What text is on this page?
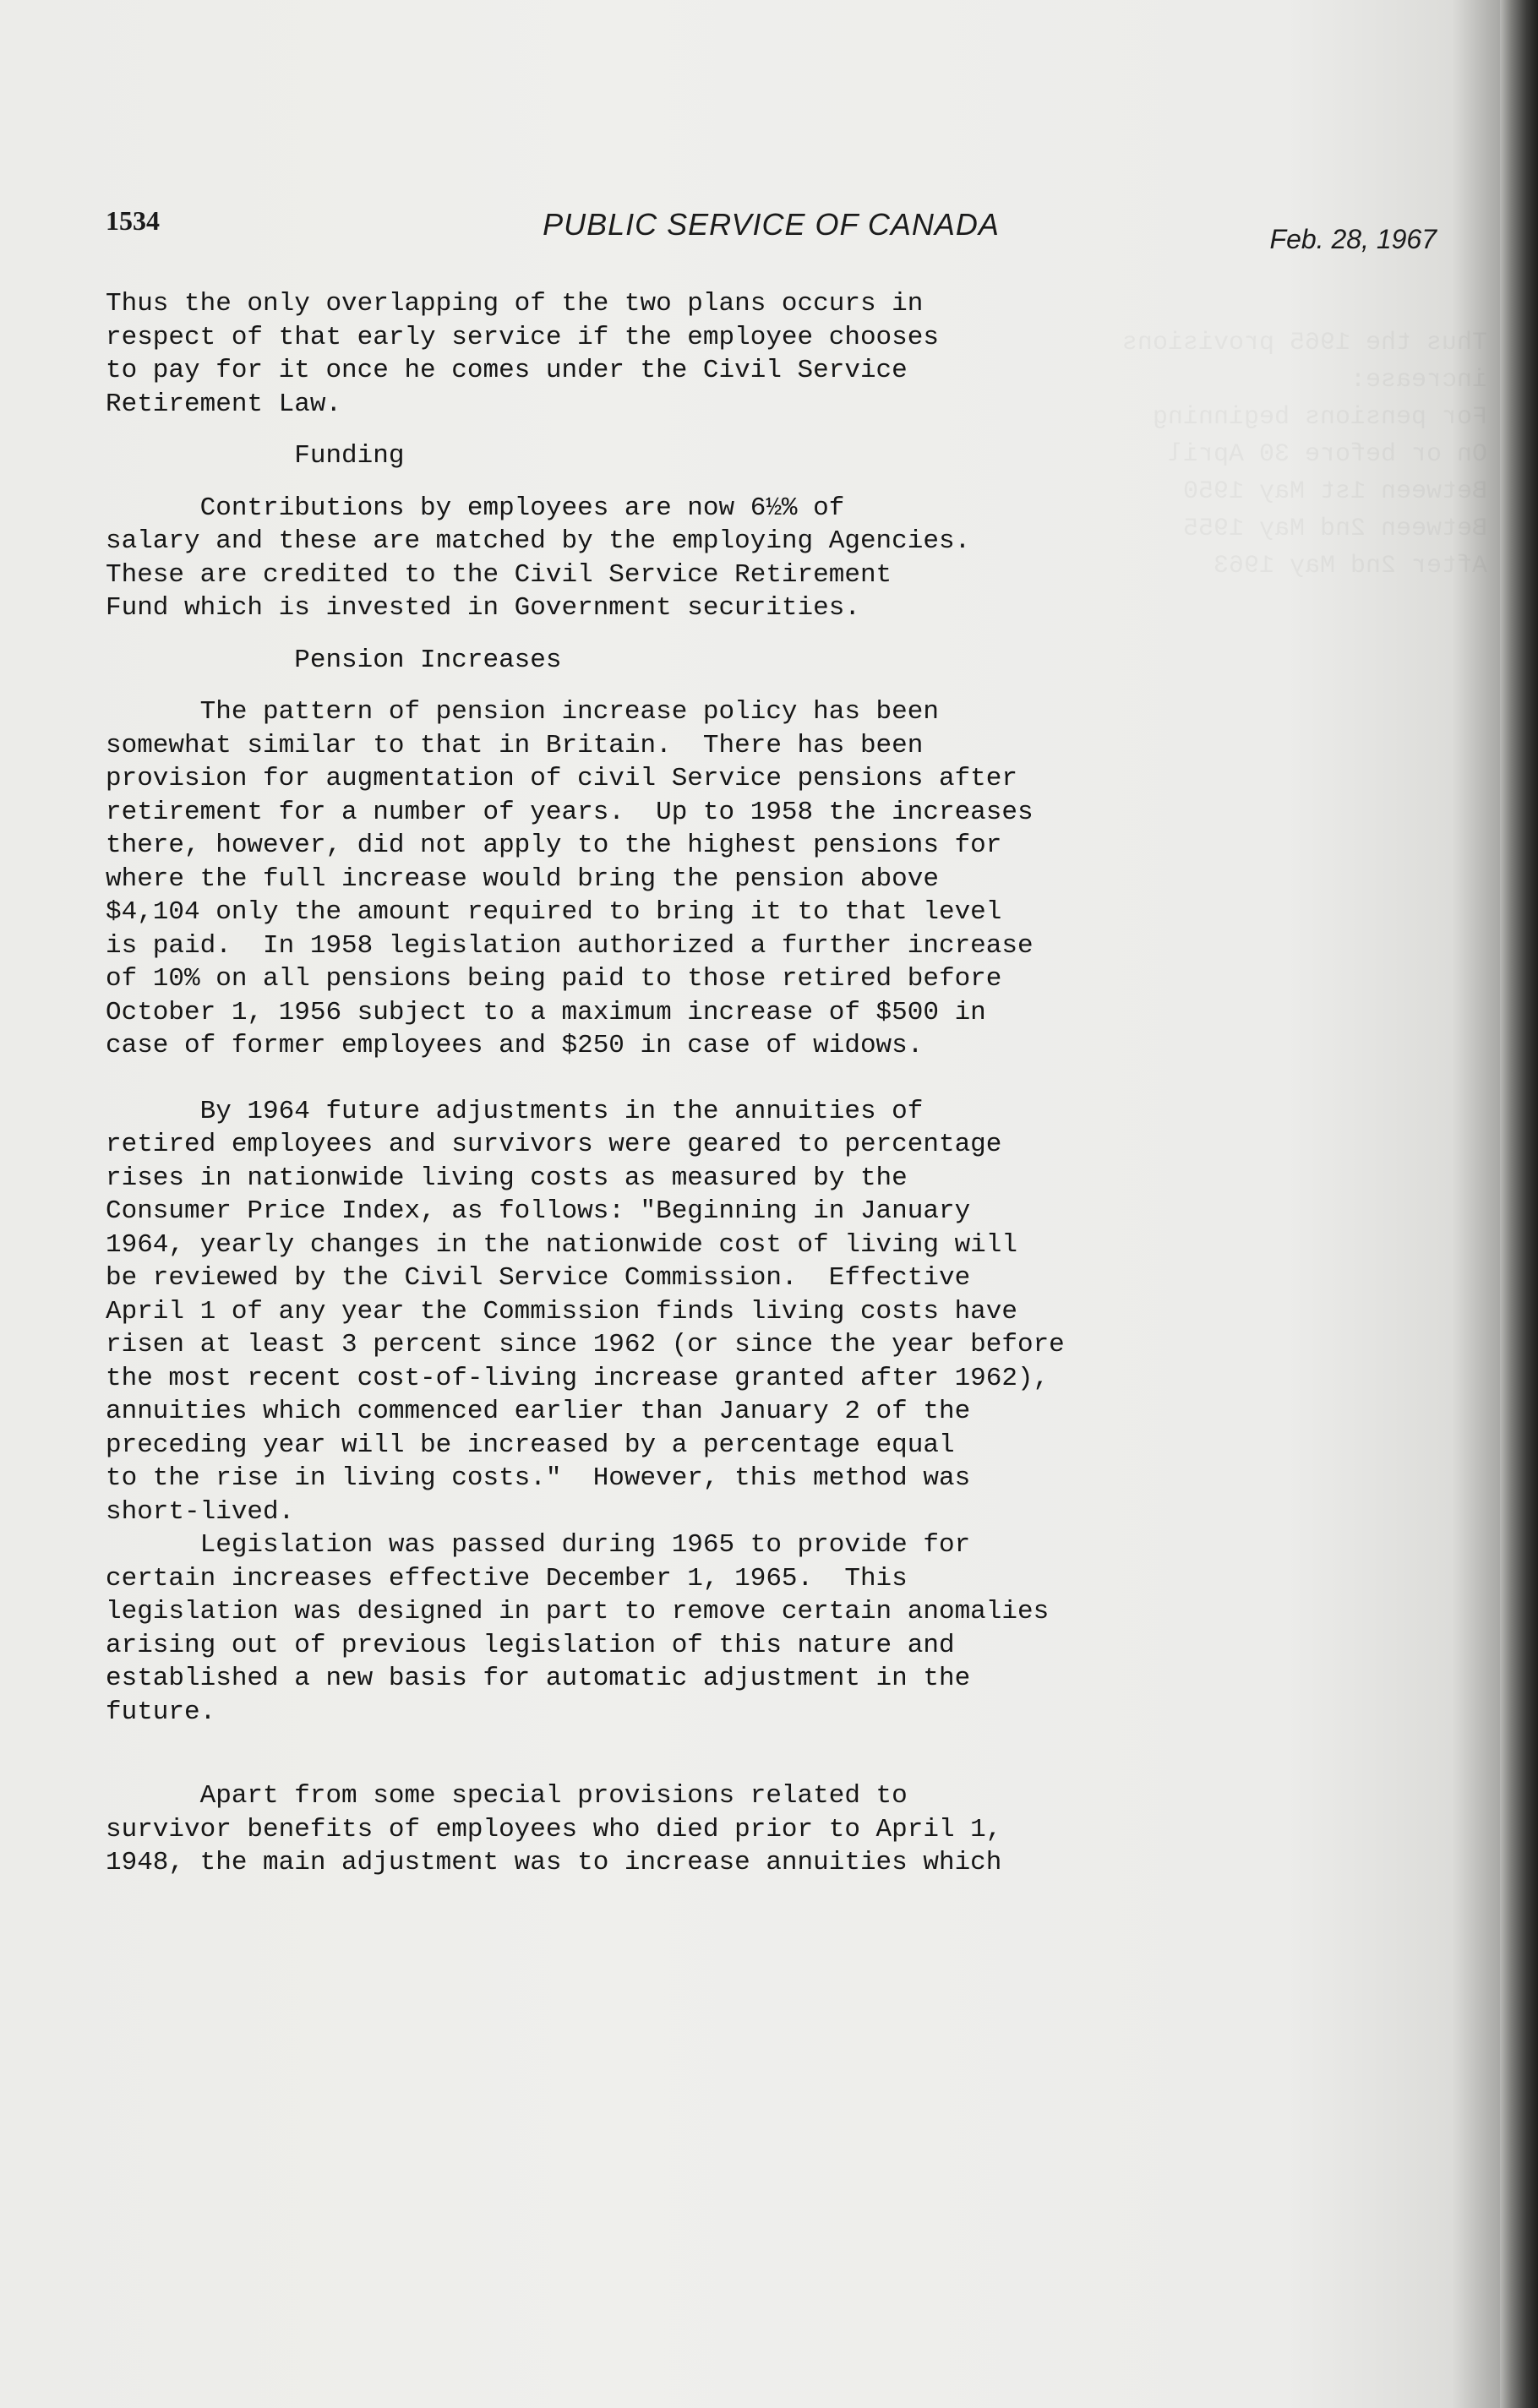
Thus the 1965 provisions
increase:
For pensions beginning
On or before 30 April
Between 1st May 1950
Between 2nd May 1955
After 2nd May 1963

1534	PUBLIC SERVICE OF CANADA	Feb. 28, 1967
Thus the only overlapping of the two plans occurs in
respect of that early service if the employee chooses
to pay for it once he comes under the Civil Service
Retirement Law.
Funding
Contributions by employees are now 6½% of
salary and these are matched by the employing Agencies.
These are credited to the Civil Service Retirement
Fund which is invested in Government securities.
Pension Increases
The pattern of pension increase policy has been
somewhat similar to that in Britain.  There has been
provision for augmentation of civil Service pensions after
retirement for a number of years.  Up to 1958 the increases
there, however, did not apply to the highest pensions for
where the full increase would bring the pension above
$4,104 only the amount required to bring it to that level
is paid.  In 1958 legislation authorized a further increase
of 10% on all pensions being paid to those retired before
October 1, 1956 subject to a maximum increase of $500 in
case of former employees and $250 in case of widows.
By 1964 future adjustments in the annuities of
retired employees and survivors were geared to percentage
rises in nationwide living costs as measured by the
Consumer Price Index, as follows: "Beginning in January
1964, yearly changes in the nationwide cost of living will
be reviewed by the Civil Service Commission.  Effective
April 1 of any year the Commission finds living costs have
risen at least 3 percent since 1962 (or since the year before
the most recent cost-of-living increase granted after 1962),
annuities which commenced earlier than January 2 of the
preceding year will be increased by a percentage equal
to the rise in living costs."  However, this method was
short-lived.
Legislation was passed during 1965 to provide for
certain increases effective December 1, 1965.  This
legislation was designed in part to remove certain anomalies
arising out of previous legislation of this nature and
established a new basis for automatic adjustment in the
future.
Apart from some special provisions related to
survivor benefits of employees who died prior to April 1,
1948, the main adjustment was to increase annuities which
